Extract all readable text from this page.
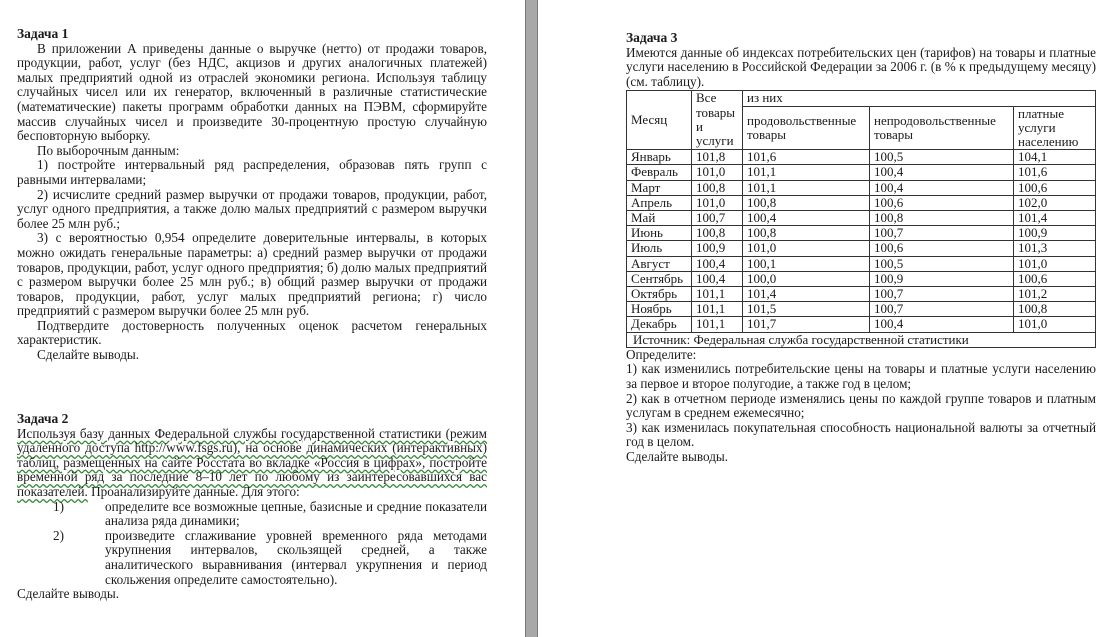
Задача 1

В приложении А приведены данные о выручке (нетто) от продажи товаров, продукции, работ, услуг (без НДС, акцизов и других аналогичных платежей) малых предприятий одной из отраслей экономики региона. Используя таблицу случайных чисел или их генератор, включенный в различные статистические (математические) пакеты программ обработки данных на ПЭВМ, сформируйте массив случайных чисел и произведите 30-процентную простую случайную бесповторную выборку.

По выборочным данным:

1) постройте интервальный ряд распределения, образовав пять групп с равными интервалами;

2) исчислите средний размер выручки от продажи товаров, продукции, работ, услуг одного предприятия, а также долю малых предприятий с размером выручки более 25 млн руб.;

3) с вероятностью 0,954 определите доверительные интервалы, в которых можно ожидать генеральные параметры: а) средний размер выручки от продажи товаров, продукции, работ, услуг одного предприятия; б) долю малых предприятий с размером выручки более 25 млн руб.; в) общий размер выручки от продажи товаров, продукции, работ, услуг малых предприятий региона; г) число предприятий с размером выручки более 25 млн руб.

Подтвердите достоверность полученных оценок расчетом генеральных характеристик.

Сделайте выводы.

Задача 2

Используя базу данных Федеральной службы государственной статистики (режим удаленного доступа http://www.fsgs.ru), на основе динамических (интерактивных) таблиц, размещенных на сайте Росстата во вкладке «Россия в цифрах», постройте временной ряд за последние 8–10 лет по любому из заинтересовавшихся вас показателей. Проанализируйте данные. Для этого:

1)	определите все возможные цепные, базисные и средние показатели анализа ряда динамики;
2)	произведите сглаживание уровней временного ряда методами укрупнения интервалов, скользящей средней, а также аналитического выравнивания (интервал укрупнения и период скольжения определите самостоятельно).

Сделайте выводы.

Задача 3

Имеются данные об индексах потребительских цен (тарифов) на товары и платные услуги населению в Российской Федерации за 2006 г. (в % к предыдущему месяцу) (см. таблицу).

Месяц	Все товары и услуги	из них		
		продовольственные товары	непродовольственные товары	платные услуги населению
Январь	101,8	101,6	100,5	104,1
Февраль	101,0	101,1	100,4	101,6
Март	100,8	101,1	100,4	100,6
Апрель	101,0	100,8	100,6	102,0
Май	100,7	100,4	100,8	101,4
Июнь	100,8	100,8	100,7	100,9
Июль	100,9	101,0	100,6	101,3
Август	100,4	100,1	100,5	101,0
Сентябрь	100,4	100,0	100,9	100,6
Октябрь	101,1	101,4	100,7	101,2
Ноябрь	101,1	101,5	100,7	100,8
Декабрь	101,1	101,7	100,4	101,0
Источник: Федеральная служба государственной статистики				

Определите:

1) как изменились потребительские цены на товары и платные услуги населению за первое и второе полугодие, а также год в целом;

2) как в отчетном периоде изменялись цены по каждой группе товаров и платным услугам в среднем ежемесячно;

3) как изменилась покупательная способность национальной валюты за отчетный год в целом.

Сделайте выводы.
